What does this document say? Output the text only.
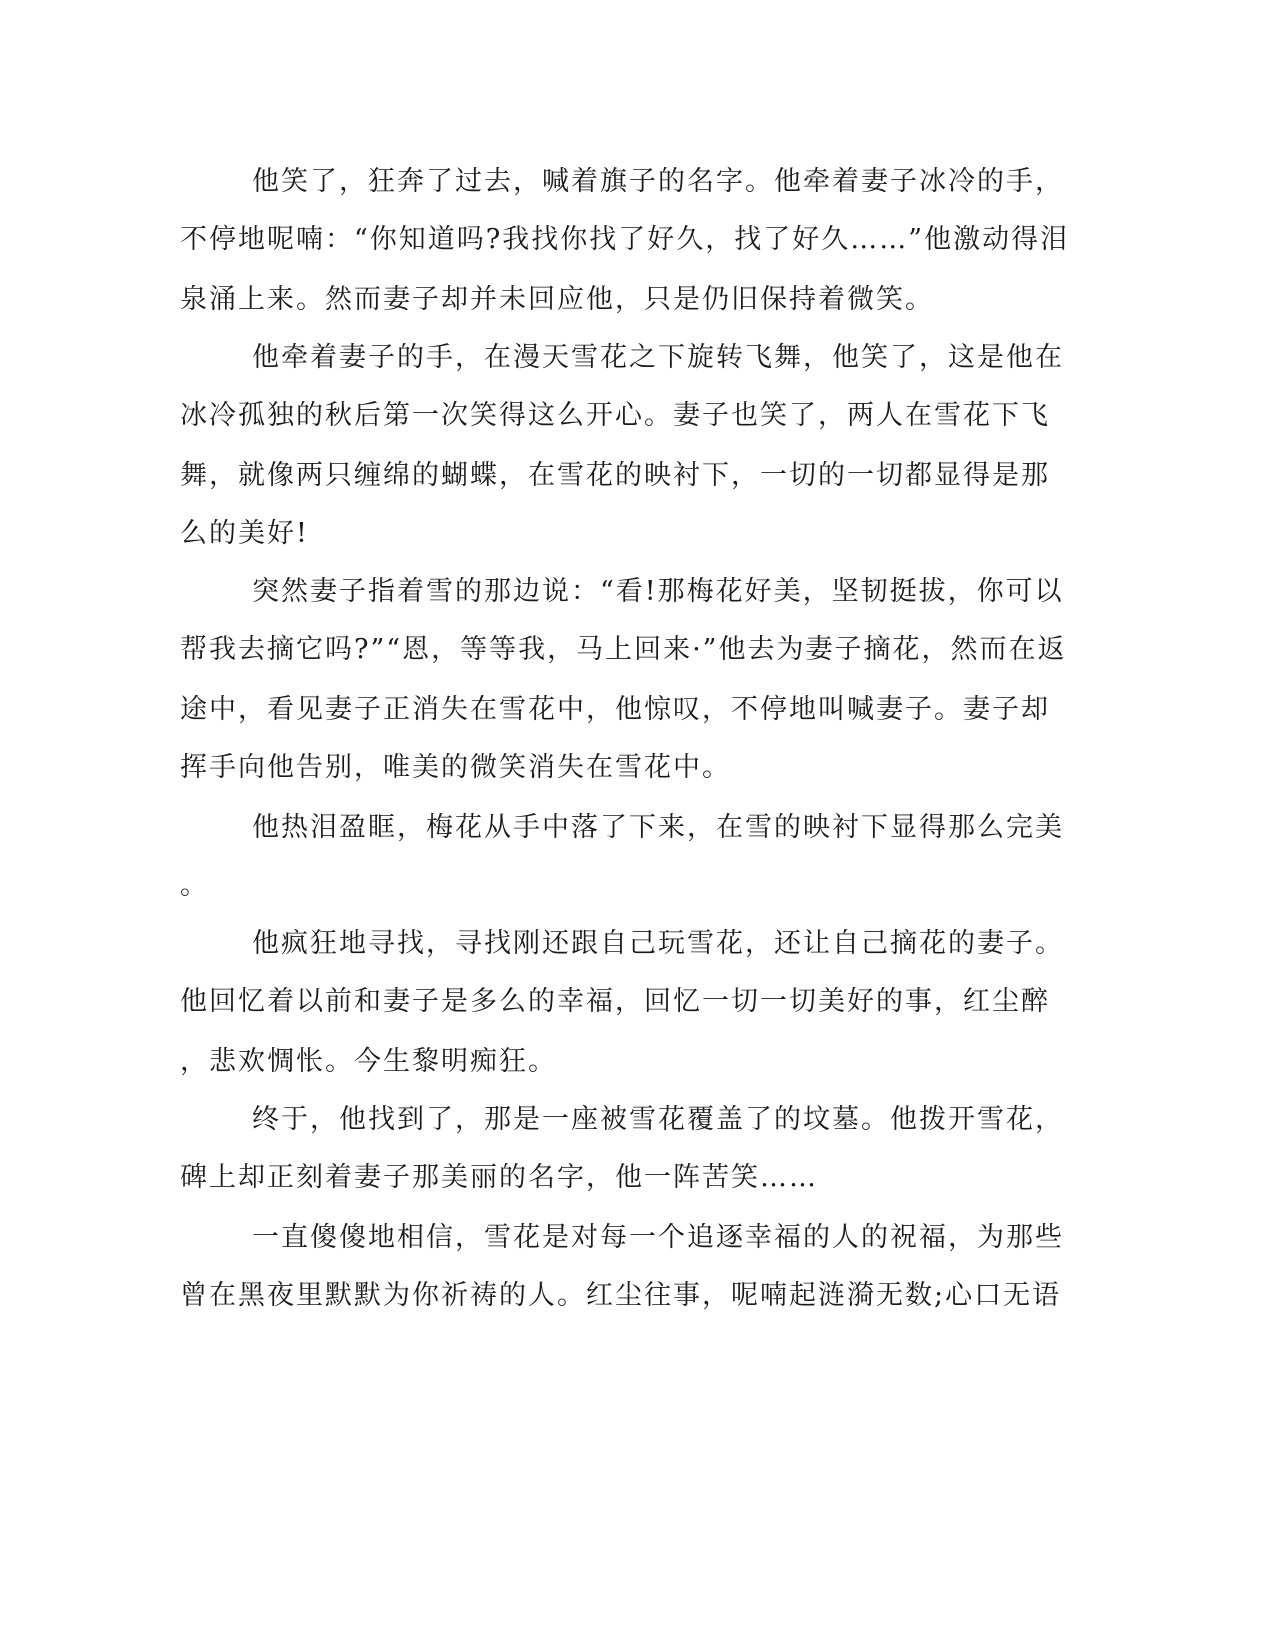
他笑了，狂奔了过去，喊着旗子的名字。他牵着妻子冰冷的手，

不停地呢喃：“你知道吗?我找你找了好久，找了好久……”他激动得泪

泉涌上来。然而妻子却并未回应他，只是仍旧保持着微笑。

他牵着妻子的手，在漫天雪花之下旋转飞舞，他笑了，这是他在

冰冷孤独的秋后第一次笑得这么开心。妻子也笑了，两人在雪花下飞

舞，就像两只缠绵的蝴蝶，在雪花的映衬下，一切的一切都显得是那

么的美好!

突然妻子指着雪的那边说：“看!那梅花好美，坚韧挺拔，你可以

帮我去摘它吗?”“恩，等等我，马上回来·”他去为妻子摘花，然而在返

途中，看见妻子正消失在雪花中，他惊叹，不停地叫喊妻子。妻子却

挥手向他告别，唯美的微笑消失在雪花中。

他热泪盈眶，梅花从手中落了下来，在雪的映衬下显得那么完美

。

他疯狂地寻找，寻找刚还跟自己玩雪花，还让自己摘花的妻子。

他回忆着以前和妻子是多么的幸福，回忆一切一切美好的事，红尘醉

，悲欢惆怅。今生黎明痴狂。

终于，他找到了，那是一座被雪花覆盖了的坟墓。他拨开雪花，

碑上却正刻着妻子那美丽的名字，他一阵苦笑……

一直傻傻地相信，雪花是对每一个追逐幸福的人的祝福，为那些

曾在黑夜里默默为你祈祷的人。红尘往事，呢喃起涟漪无数;心口无语
